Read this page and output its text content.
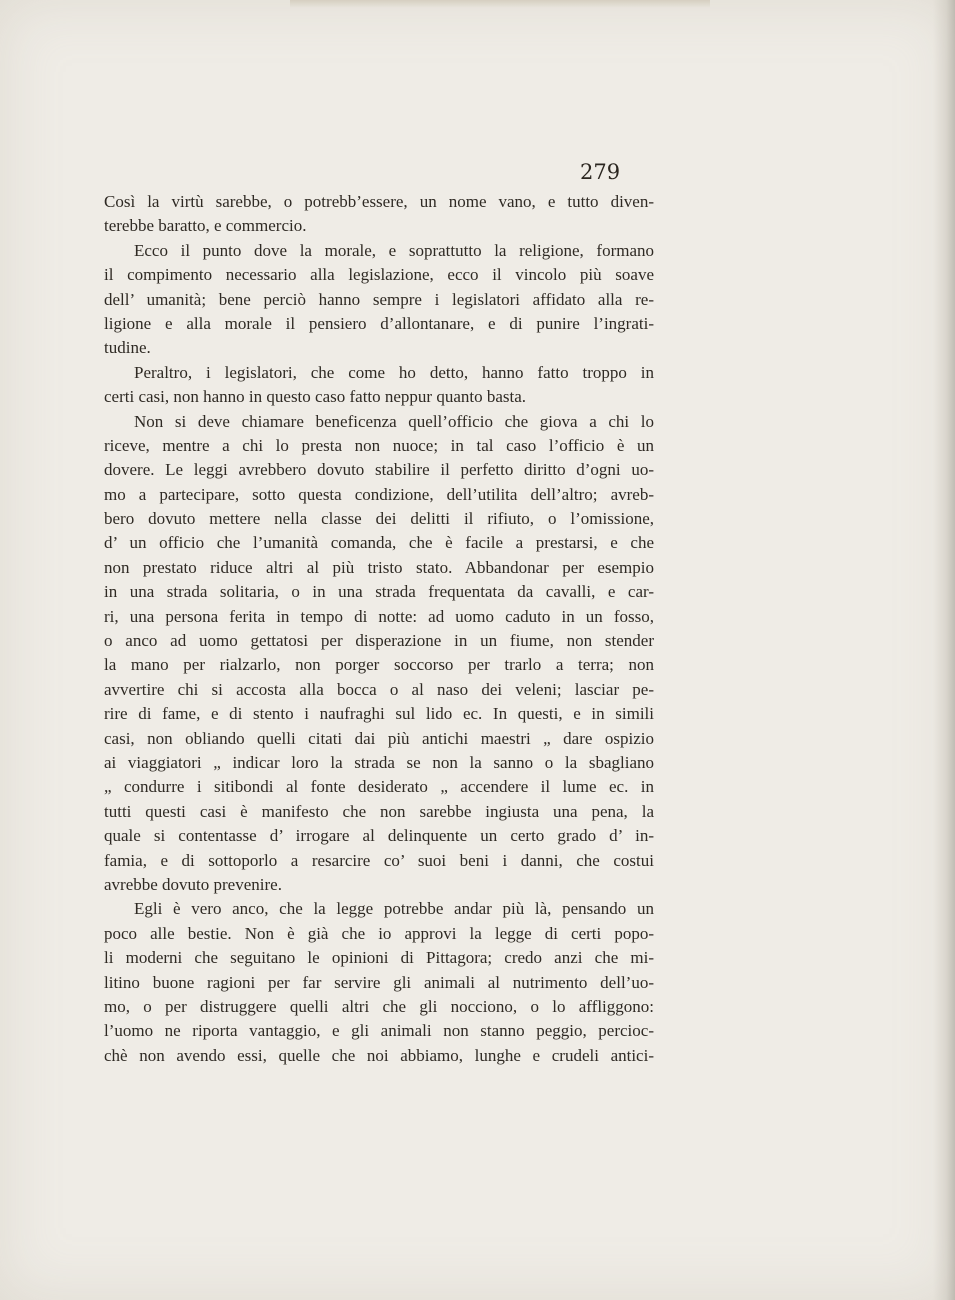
279

Così la virtù sarebbe, o potrebb’essere, un nome vano, e tutto diven-
terebbe baratto, e commercio.
Ecco il punto dove la morale, e soprattutto la religione, formano
il compimento necessario alla legislazione, ecco il vincolo più soave
dell’ umanità; bene perciò hanno sempre i legislatori affidato alla re-
ligione e alla morale il pensiero d’allontanare, e di punire l’ingrati-
tudine.
Peraltro, i legislatori, che come ho detto, hanno fatto troppo in
certi casi, non hanno in questo caso fatto neppur quanto basta.
Non si deve chiamare beneficenza quell’officio che giova a chi lo
riceve, mentre a chi lo presta non nuoce; in tal caso l’officio è un
dovere. Le leggi avrebbero dovuto stabilire il perfetto diritto d’ogni uo-
mo a partecipare, sotto questa condizione, dell’utilita dell’altro; avreb-
bero dovuto mettere nella classe dei delitti il rifiuto, o l’omissione,
d’ un officio che l’umanità comanda, che è facile a prestarsi, e che
non prestato riduce altri al più tristo stato. Abbandonar per esempio
in una strada solitaria, o in una strada frequentata da cavalli, e car-
ri, una persona ferita in tempo di notte: ad uomo caduto in un fosso,
o anco ad uomo gettatosi per disperazione in un fiume, non stender
la mano per rialzarlo, non porger soccorso per trarlo a terra; non
avvertire chi si accosta alla bocca o al naso dei veleni; lasciar pe-
rire di fame, e di stento i naufraghi sul lido ec. In questi, e in simili
casi, non obliando quelli citati dai più antichi maestri „ dare ospizio
ai viaggiatori „ indicar loro la strada se non la sanno o la sbagliano
„ condurre i sitibondi al fonte desiderato „ accendere il lume ec. in
tutti questi casi è manifesto che non sarebbe ingiusta una pena, la
quale si contentasse d’ irrogare al delinquente un certo grado d’ in-
famia, e di sottoporlo a resarcire co’ suoi beni i danni, che costui
avrebbe dovuto prevenire.
Egli è vero anco, che la legge potrebbe andar più là, pensando un
poco alle bestie. Non è già che io approvi la legge di certi popo-
li moderni che seguitano le opinioni di Pittagora; credo anzi che mi-
litino buone ragioni per far servire gli animali al nutrimento dell’uo-
mo, o per distruggere quelli altri che gli nocciono, o lo affliggono:
l’uomo ne riporta vantaggio, e gli animali non stanno peggio, percioc-
chè non avendo essi, quelle che noi abbiamo, lunghe e crudeli antici-
